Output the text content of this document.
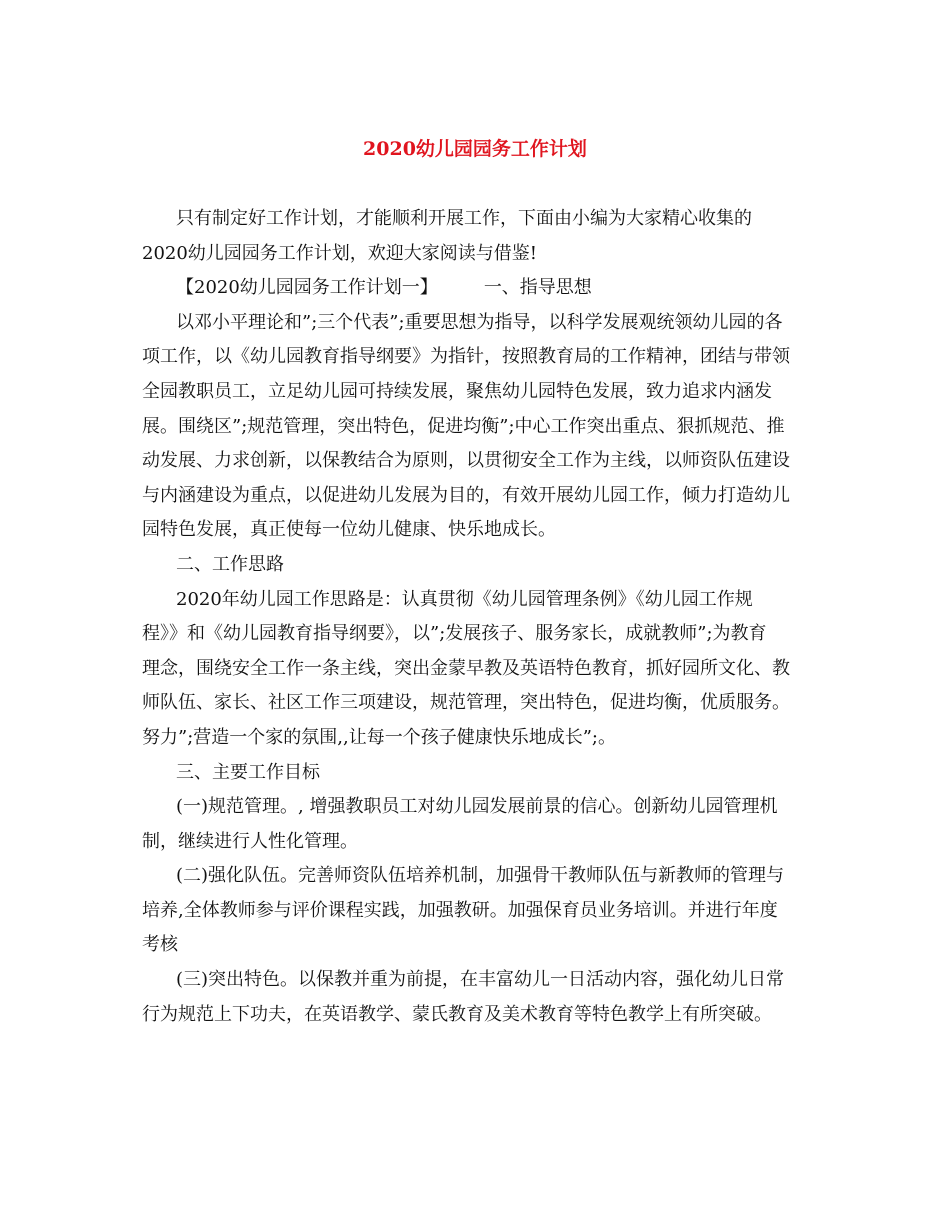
2020幼儿园园务工作计划
只有制定好工作计划，才能顺利开展工作，下面由小编为大家精心收集的
2020幼儿园园务工作计划，欢迎大家阅读与借鉴!
【2020幼儿园园务工作计划一】	一、指导思想
以邓小平理论和”;三个代表”;重要思想为指导，以科学发展观统领幼儿园的各
项工作，以《幼儿园教育指导纲要》为指针，按照教育局的工作精神，团结与带领
全园教职员工，立足幼儿园可持续发展，聚焦幼儿园特色发展，致力追求内涵发
展。围绕区”;规范管理，突出特色，促进均衡”;中心工作突出重点、狠抓规范、推
动发展、力求创新，以保教结合为原则，以贯彻安全工作为主线，以师资队伍建设
与内涵建设为重点，以促进幼儿发展为目的，有效开展幼儿园工作，倾力打造幼儿
园特色发展，真正使每一位幼儿健康、快乐地成长。
二、工作思路
2020年幼儿园工作思路是：认真贯彻《幼儿园管理条例》《幼儿园工作规
程》》和《幼儿园教育指导纲要》，以”;发展孩子、服务家长，成就教师”;为教育
理念，围绕安全工作一条主线，突出金蒙早教及英语特色教育，抓好园所文化、教
师队伍、家长、社区工作三项建设，规范管理，突出特色，促进均衡，优质服务。
努力”;营造一个家的氛围,,让每一个孩子健康快乐地成长”;。
三、主要工作目标
(一)规范管理。, 增强教职员工对幼儿园发展前景的信心。创新幼儿园管理机
制，继续进行人性化管理。
(二)强化队伍。完善师资队伍培养机制，加强骨干教师队伍与新教师的管理与
培养,全体教师参与评价课程实践，加强教研。加强保育员业务培训。并进行年度
考核
(三)突出特色。以保教并重为前提，在丰富幼儿一日活动内容，强化幼儿日常
行为规范上下功夫，在英语教学、蒙氏教育及美术教育等特色教学上有所突破。
